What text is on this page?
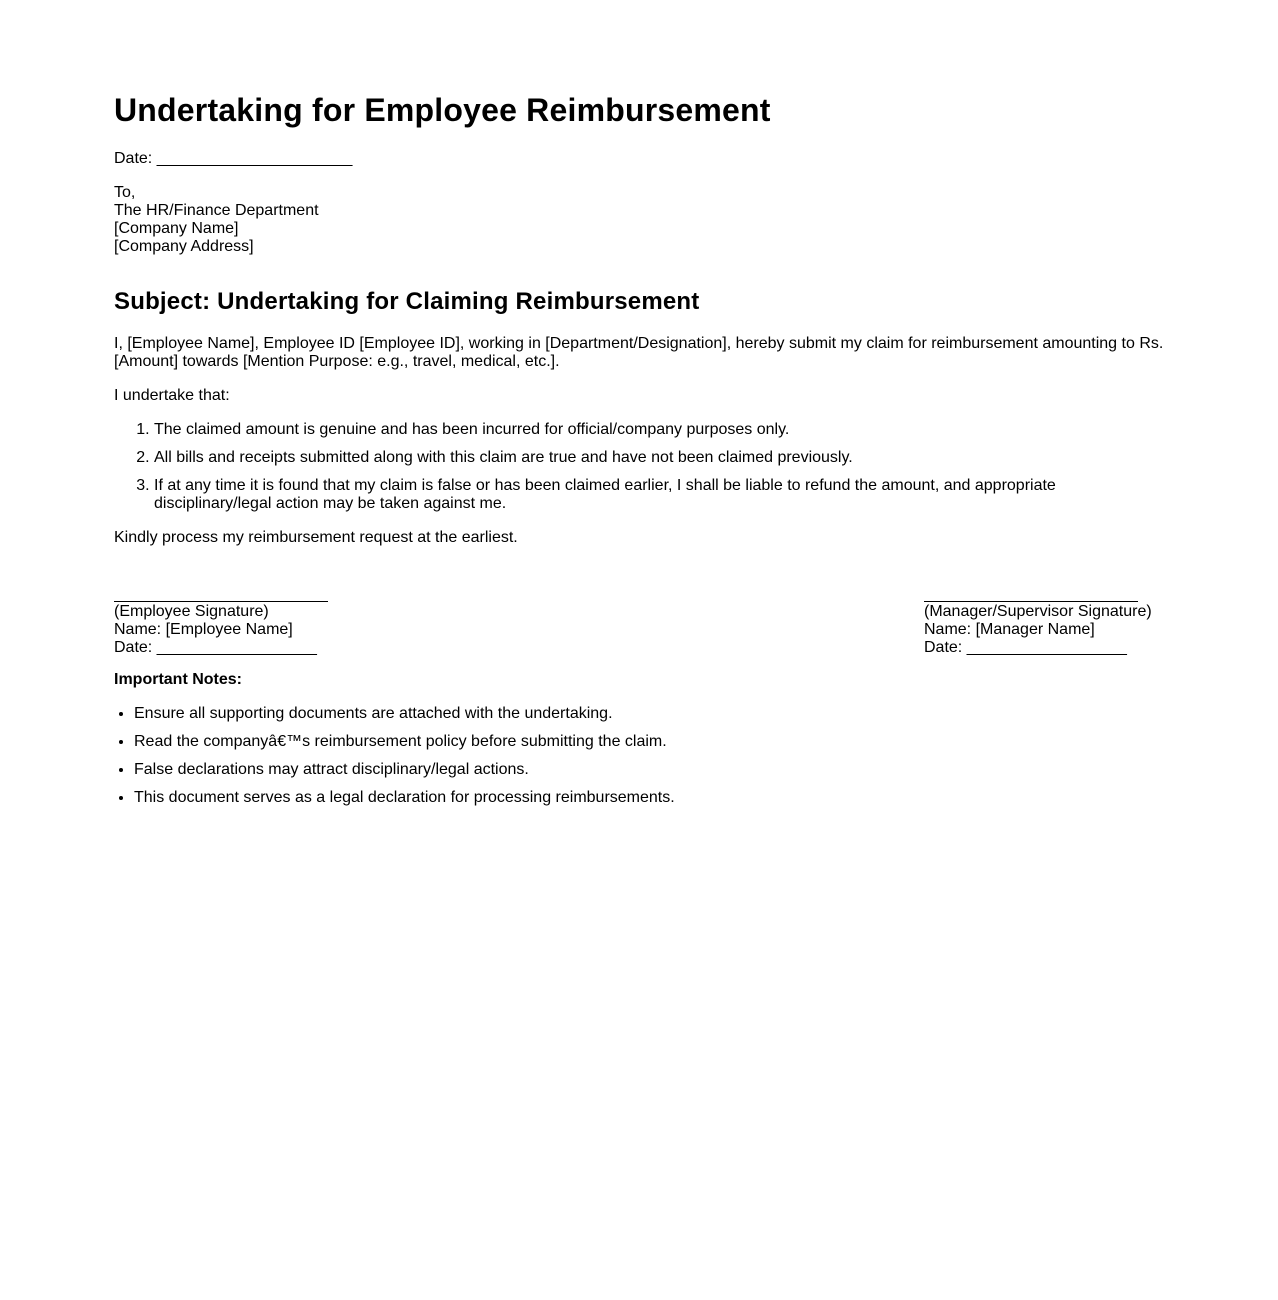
Undertaking for Employee Reimbursement
Date: ______________________
To,
The HR/Finance Department
[Company Name]
[Company Address]
Subject: Undertaking for Claiming Reimbursement

I, [Employee Name], Employee ID [Employee ID], working in [Department/Designation], hereby submit my claim for reimbursement amounting to Rs. [Amount] towards [Mention Purpose: e.g., travel, medical, etc.].

I undertake that:

1. The claimed amount is genuine and has been incurred for official/company purposes only.
2. All bills and receipts submitted along with this claim are true and have not been claimed previously.
3. If at any time it is found that my claim is false or has been claimed earlier, I shall be liable to refund the amount, and appropriate disciplinary/legal action may be taken against me.

Kindly process my reimbursement request at the earliest.

(Employee Signature)
Name: [Employee Name]
Date: __________________
(Manager/Supervisor Signature)
Name: [Manager Name]
Date: __________________
Important Notes:
• Ensure all supporting documents are attached with the undertaking.
• Read the companyâ€™s reimbursement policy before submitting the claim.
• False declarations may attract disciplinary/legal actions.
• This document serves as a legal declaration for processing reimbursements.
